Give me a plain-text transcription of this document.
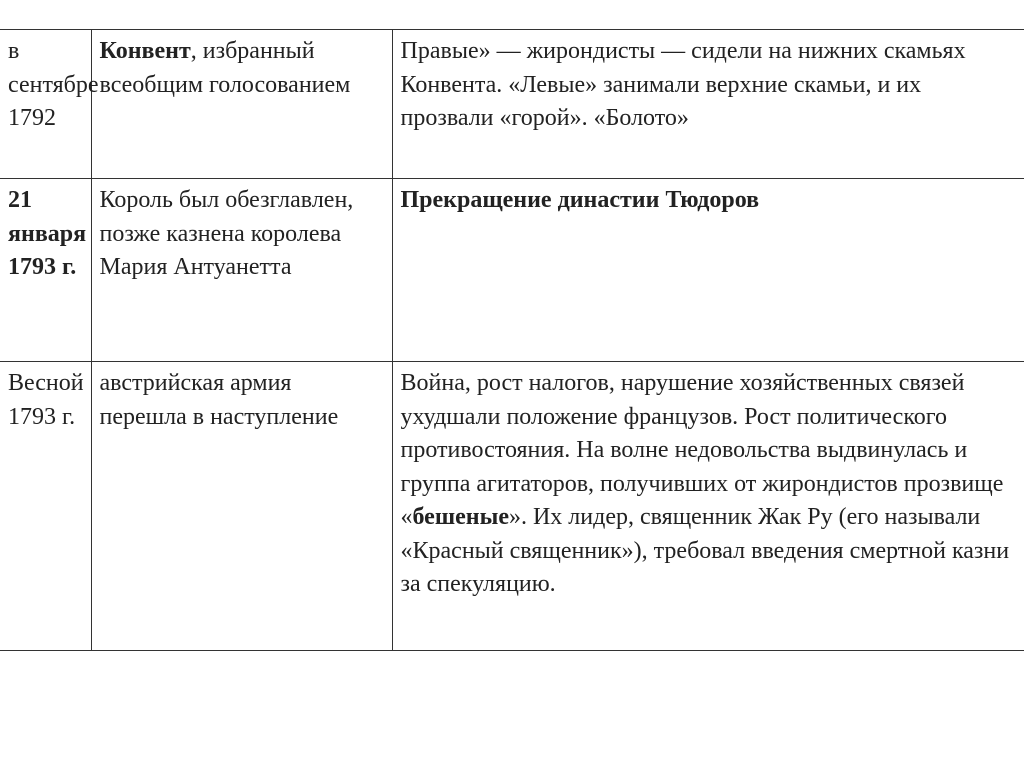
в сентябре 1792	Конвент, избранный всеобщим голосованием	Правые» — жирондисты — сидели на нижних скамьях Конвента. «Левые» занимали верхние скамьи, и их прозвали «горой». «Болото»
21 января 1793 г.	Король был обезглавлен, позже казнена королева Мария Антуанетта	Прекращение династии Тюдоров
Весной 1793 г.	австрийская армия перешла в наступление	Война, рост налогов, нарушение хозяйственных связей ухудшали положение французов. Рост политического противостояния. На волне недовольства выдвинулась и группа агитаторов, получивших от жирондистов прозвище «бешеные». Их лидер, священник Жак Ру (его называли «Красный священник»), требовал введения смертной казни за спекуляцию.
